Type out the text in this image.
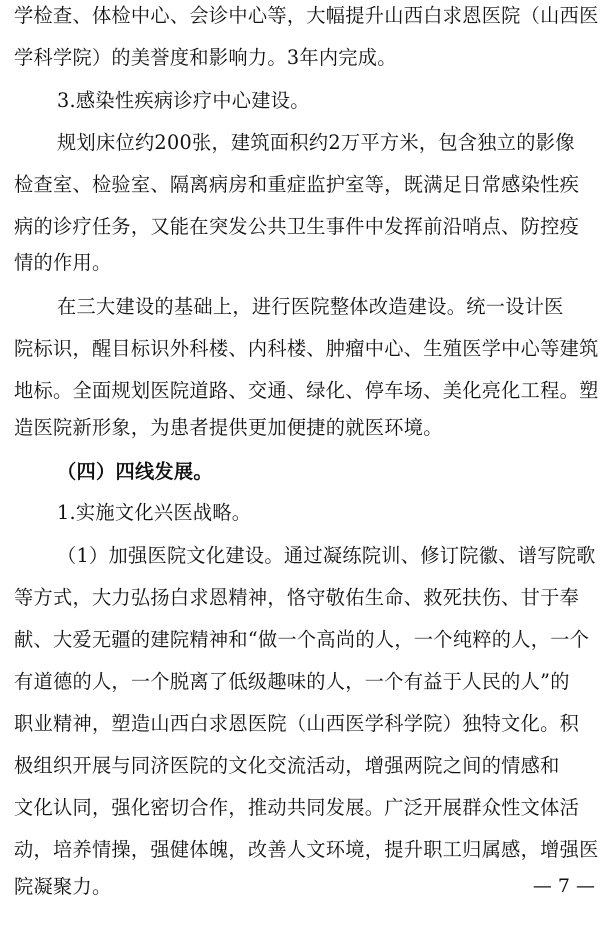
学检查、体检中心、会诊中心等，大幅提升山西白求恩医院（山西医
学科学院）的美誉度和影响力。3年内完成。
3.感染性疾病诊疗中心建设。
规划床位约200张，建筑面积约2万平方米，包含独立的影像
检查室、检验室、隔离病房和重症监护室等，既满足日常感染性疾
病的诊疗任务，又能在突发公共卫生事件中发挥前沿哨点、防控疫
情的作用。
在三大建设的基础上，进行医院整体改造建设。统一设计医
院标识，醒目标识外科楼、内科楼、肿瘤中心、生殖医学中心等建筑
地标。全面规划医院道路、交通、绿化、停车场、美化亮化工程。塑
造医院新形象，为患者提供更加便捷的就医环境。
（四）四线发展。
1.实施文化兴医战略。
（1）加强医院文化建设。通过凝练院训、修订院徽、谱写院歌
等方式，大力弘扬白求恩精神，恪守敬佑生命、救死扶伤、甘于奉
献、大爱无疆的建院精神和“做一个高尚的人，一个纯粹的人，一个
有道德的人，一个脱离了低级趣味的人，一个有益于人民的人”的
职业精神，塑造山西白求恩医院（山西医学科学院）独特文化。积
极组织开展与同济医院的文化交流活动，增强两院之间的情感和
文化认同，强化密切合作，推动共同发展。广泛开展群众性文体活
动，培养情操，强健体魄，改善人文环境，提升职工归属感，增强医
院凝聚力。	— 7 —
